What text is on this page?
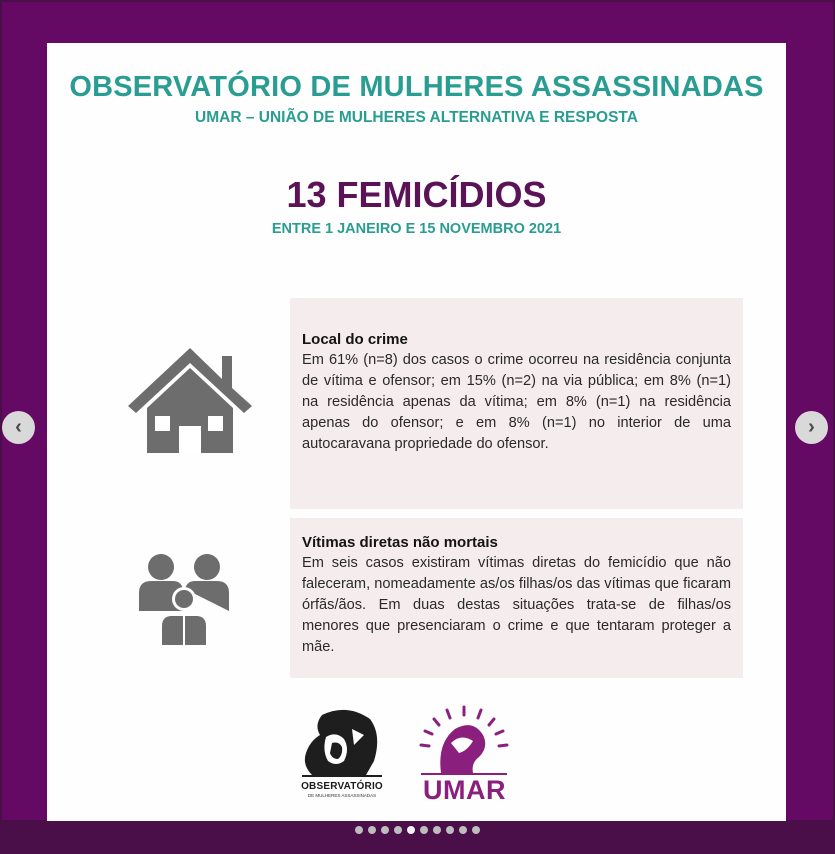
OBSERVATÓRIO DE MULHERES ASSASSINADAS
UMAR – UNIÃO DE MULHERES ALTERNATIVA E RESPOSTA
13 FEMICÍDIOS
ENTRE 1 JANEIRO E 15 NOVEMBRO 2021
Local do crime
Em 61% (n=8) dos casos o crime ocorreu na residência conjunta de vítima e ofensor; em 15% (n=2) na via pública; em 8% (n=1) na residência apenas da vítima; em 8% (n=1) na residência apenas do ofensor; e em 8% (n=1) no interior de uma autocaravana propriedade do ofensor.
Vítimas diretas não mortais
Em seis casos existiram vítimas diretas do femicídio que não faleceram, nomeadamente as/os filhas/os das vítimas que ficaram órfãs/ãos. Em duas destas situações trata-se de filhas/os menores que presenciaram o crime e que tentaram proteger a mãe.
OBSERVATÓRIO
DE MULHERES ASSASSINADAS	UMAR
‹	›
